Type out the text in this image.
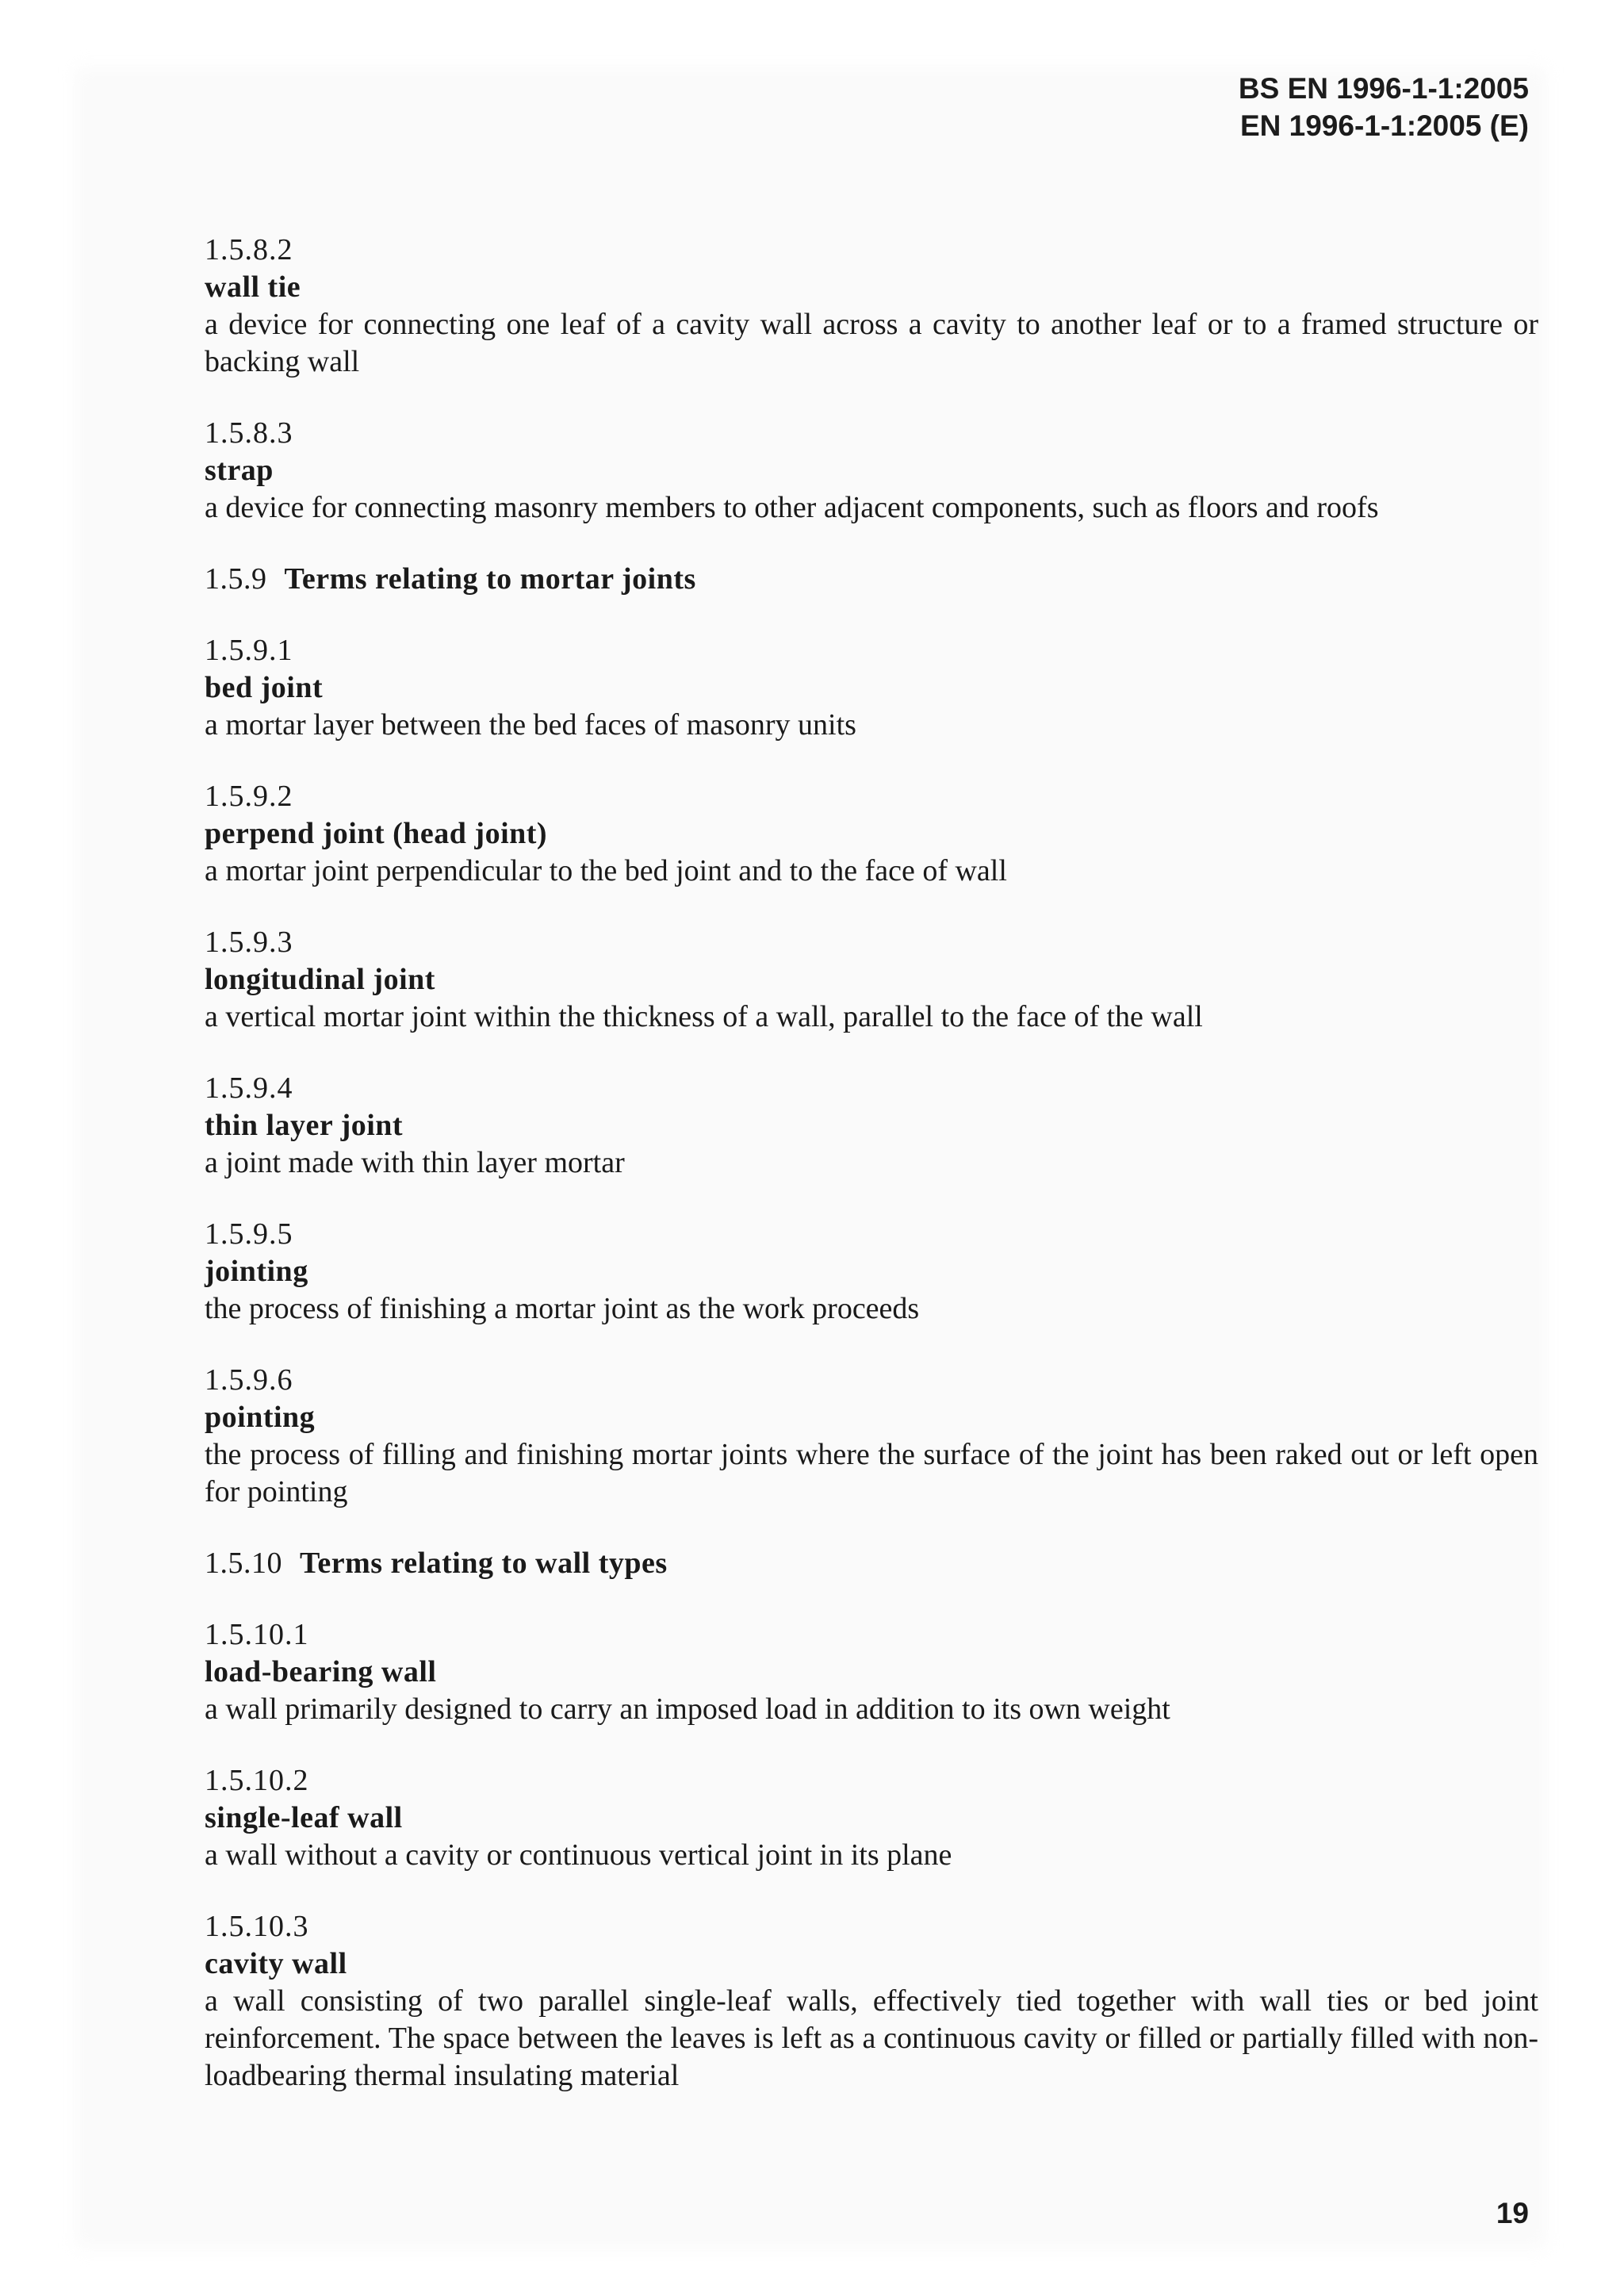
BS EN 1996-1-1:2005
EN 1996-1-1:2005 (E)
1.5.8.2
wall tie
a device for connecting one leaf of a cavity wall across a cavity to another leaf or to a framed structure or backing wall
1.5.8.3
strap
a device for connecting masonry members to other adjacent components, such as floors and roofs
1.5.9 Terms relating to mortar joints
1.5.9.1
bed joint
a mortar layer between the bed faces of masonry units
1.5.9.2
perpend joint (head joint)
a mortar joint perpendicular to the bed joint and to the face of wall
1.5.9.3
longitudinal joint
a vertical mortar joint within the thickness of a wall, parallel to the face of the wall
1.5.9.4
thin layer joint
a joint made with thin layer mortar
1.5.9.5
jointing
the process of finishing a mortar joint as the work proceeds
1.5.9.6
pointing
the process of filling and finishing mortar joints where the surface of the joint has been raked out or left open for pointing
1.5.10 Terms relating to wall types
1.5.10.1
load-bearing wall
a wall primarily designed to carry an imposed load in addition to its own weight
1.5.10.2
single-leaf wall
a wall without a cavity or continuous vertical joint in its plane
1.5.10.3
cavity wall
a wall consisting of two parallel single-leaf walls, effectively tied together with wall ties or bed joint reinforcement. The space between the leaves is left as a continuous cavity or filled or partially filled with non-loadbearing thermal insulating material
19
